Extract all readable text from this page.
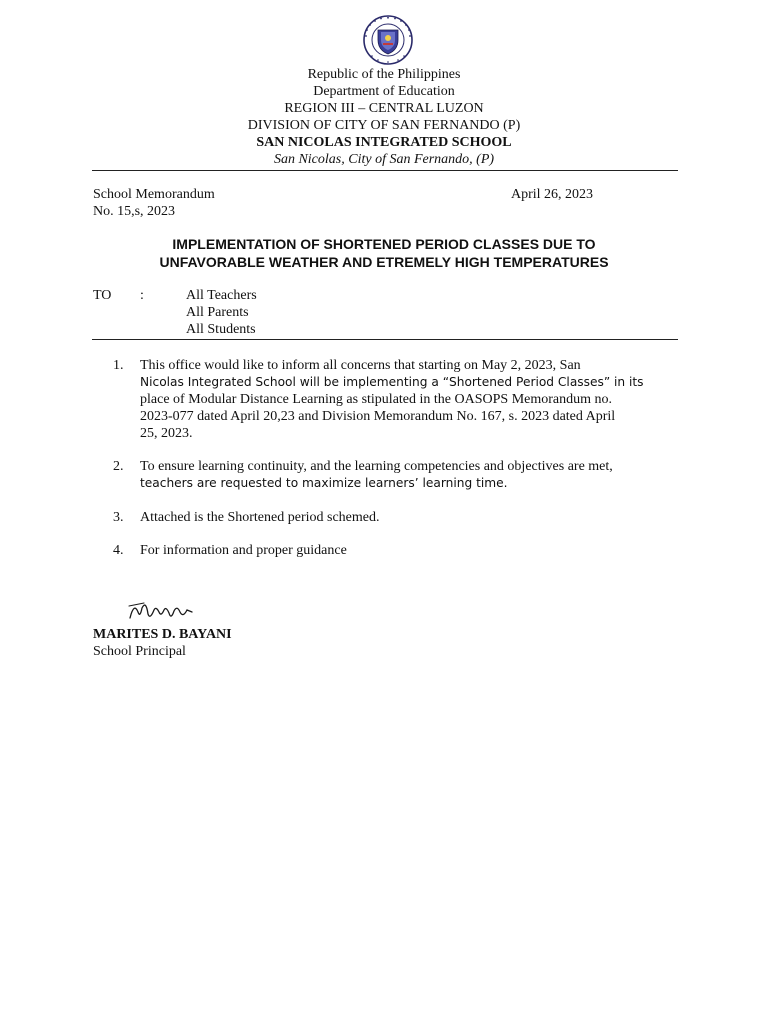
Republic of the Philippines
Department of Education
REGION III – CENTRAL LUZON
DIVISION OF CITY OF SAN FERNANDO (P)
SAN NICOLAS INTEGRATED SCHOOL
San Nicolas, City of San Fernando, (P)
School Memorandum	April 26, 2023
No. 15,s, 2023
IMPLEMENTATION OF SHORTENED PERIOD CLASSES DUE TO
UNFAVORABLE WEATHER AND ETREMELY HIGH TEMPERATURES
TO :	All Teachers
All Parents
All Students
1. This office would like to inform all concerns that starting on May 2, 2023, San
Nicolas Integrated School will be implementing a “Shortened Period Classes” in its
place of Modular Distance Learning as stipulated in the OASOPS Memorandum no.
2023-077 dated April 20,23 and Division Memorandum No. 167, s. 2023 dated April
25, 2023.
2. To ensure learning continuity, and the learning competencies and objectives are met,
teachers are requested to maximize learners’ learning time.
3. Attached is the Shortened period schemed.
4. For information and proper guidance
MARITES D. BAYANI
School Principal
